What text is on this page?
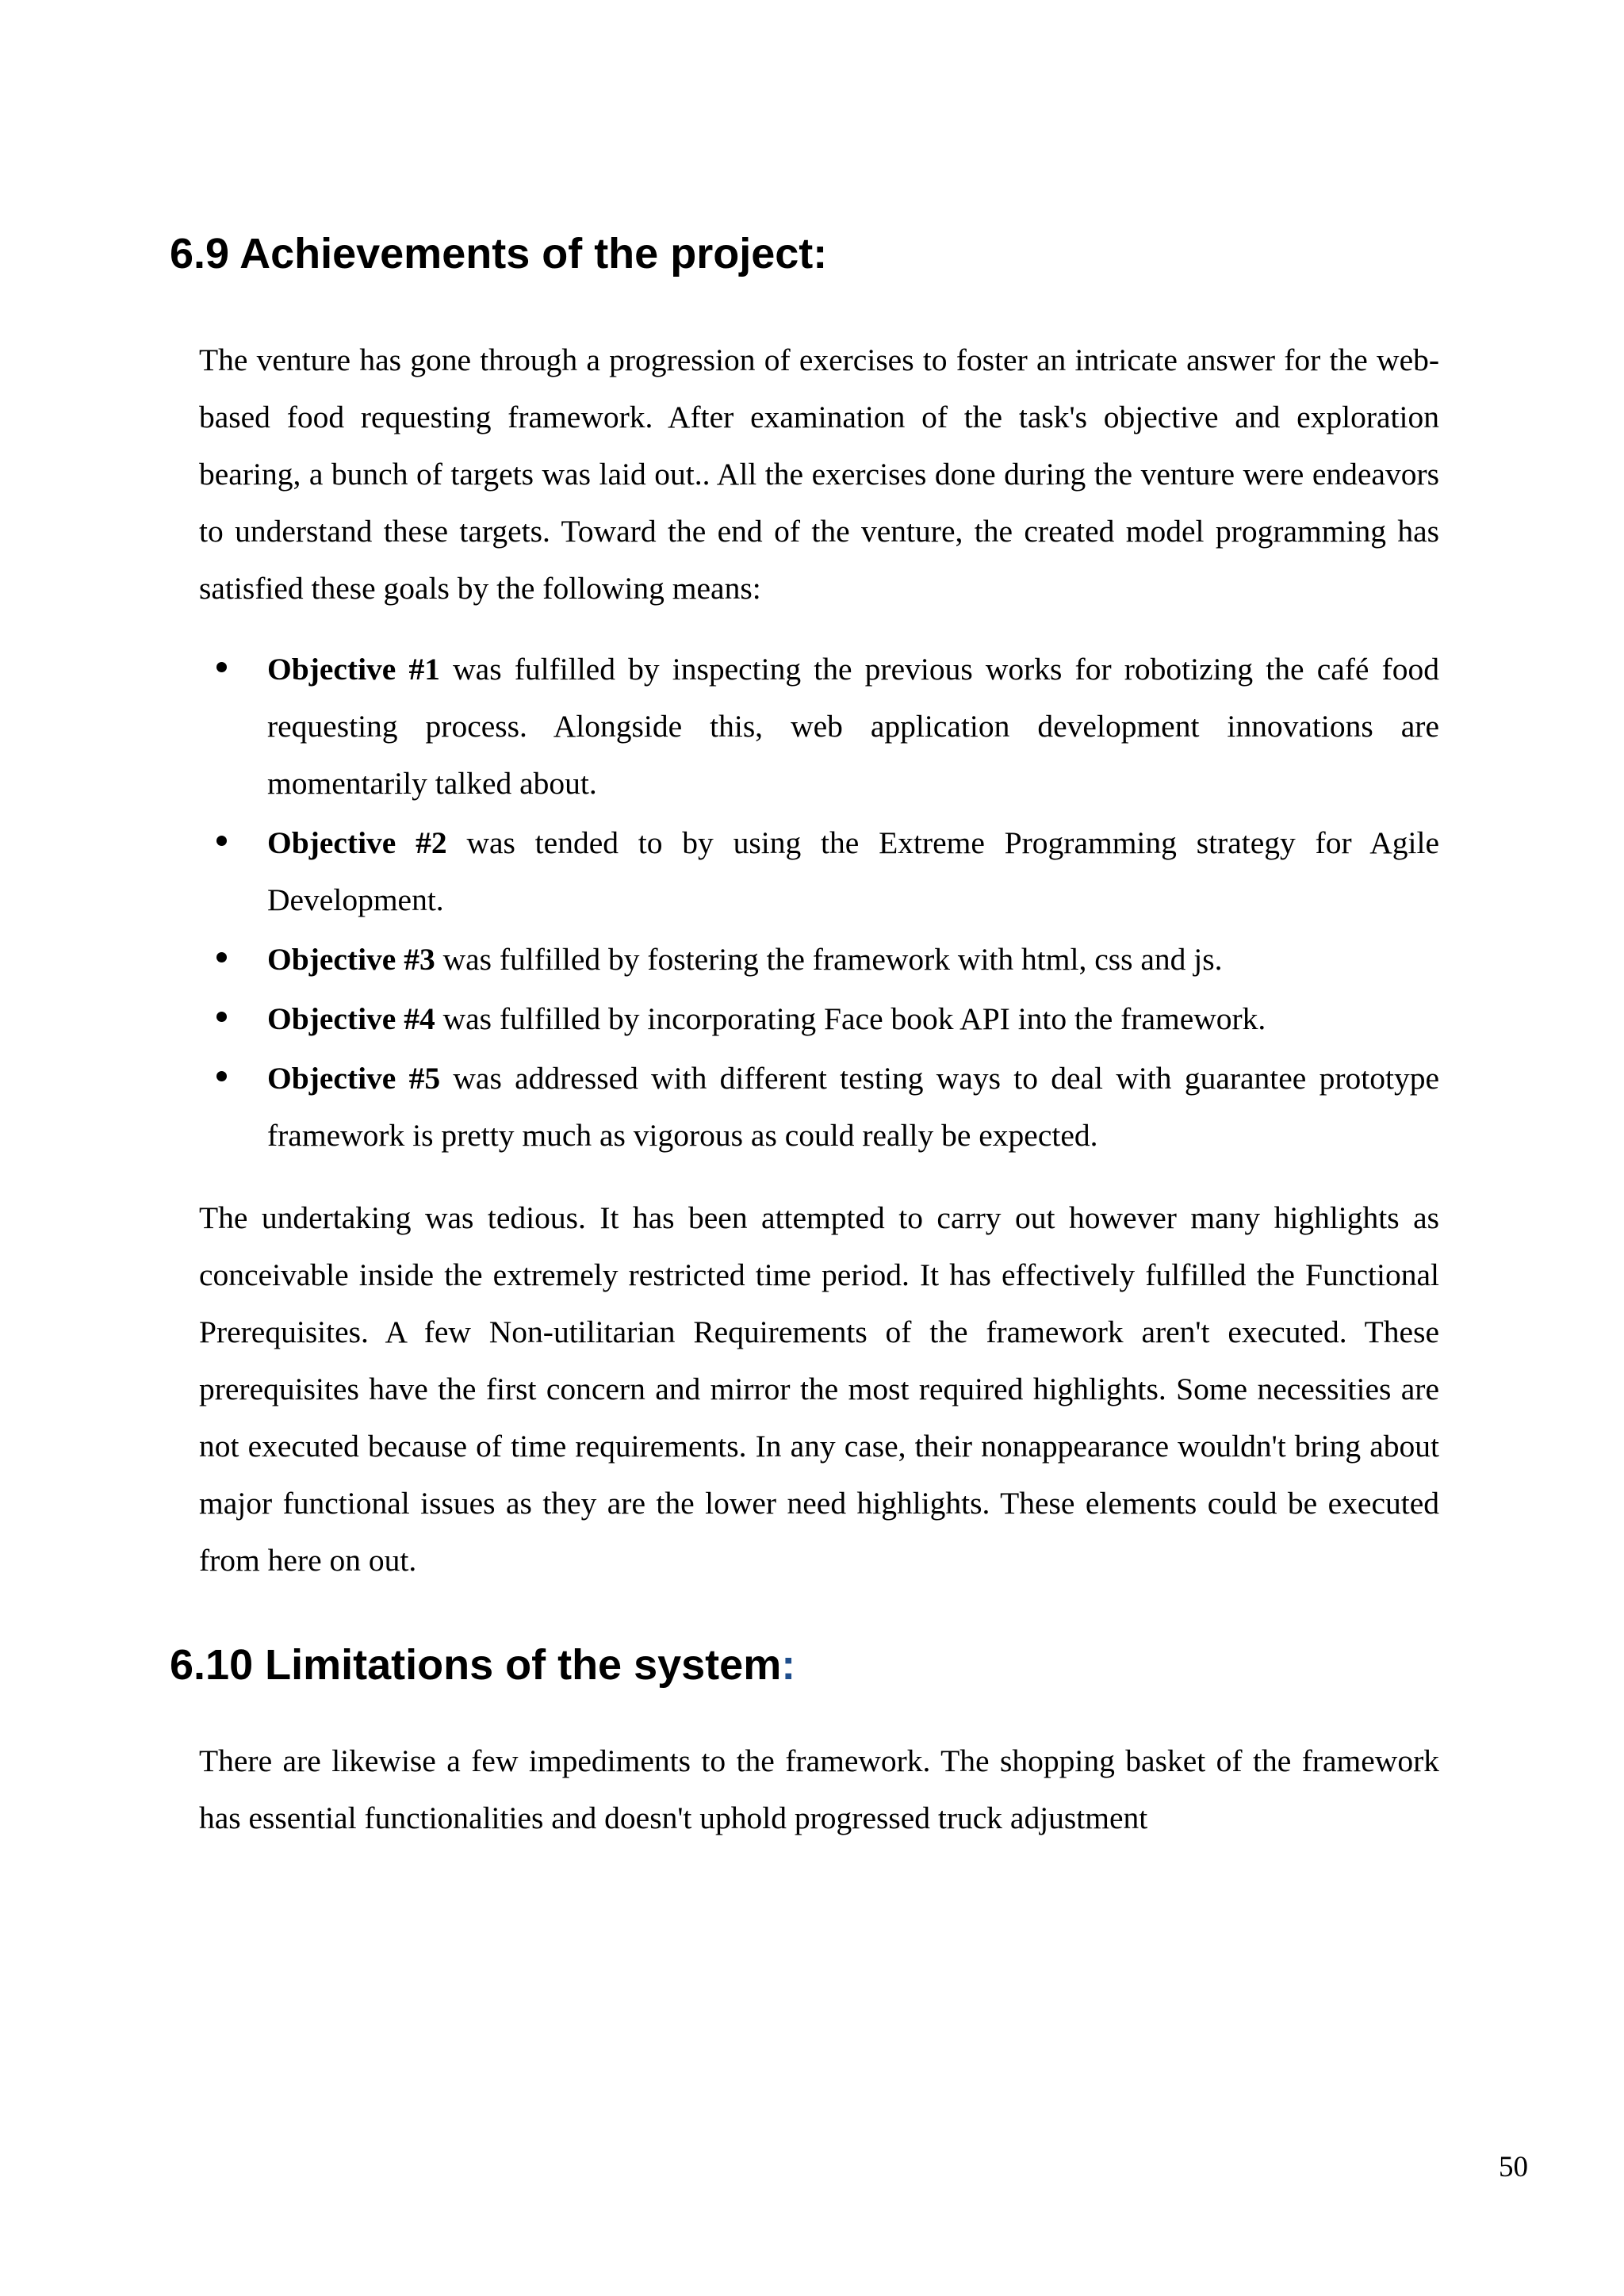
6.9 Achievements of the project:

The venture has gone through a progression of exercises to foster an intricate answer for the web-based food requesting framework. After examination of the task's objective and exploration bearing, a bunch of targets was laid out.. All the exercises done during the venture were endeavors to understand these targets. Toward the end of the venture, the created model programming has satisfied these goals by the following means:

Objective #1 was fulfilled by inspecting the previous works for robotizing the café food requesting process. Alongside this, web application development innovations are momentarily talked about.
Objective #2 was tended to by using the Extreme Programming strategy for Agile Development.
Objective #3 was fulfilled by fostering the framework with html, css and js.
Objective #4 was fulfilled by incorporating Face book API into the framework.
Objective #5 was addressed with different testing ways to deal with guarantee prototype framework is pretty much as vigorous as could really be expected.

The undertaking was tedious. It has been attempted to carry out however many highlights as conceivable inside the extremely restricted time period. It has effectively fulfilled the Functional Prerequisites. A few Non-utilitarian Requirements of the framework aren't executed. These prerequisites have the first concern and mirror the most required highlights. Some necessities are not executed because of time requirements. In any case, their nonappearance wouldn't bring about major functional issues as they are the lower need highlights. These elements could be executed from here on out.

6.10 Limitations of the system:

There are likewise a few impediments to the framework. The shopping basket of the framework has essential functionalities and doesn't uphold progressed truck adjustment

50
